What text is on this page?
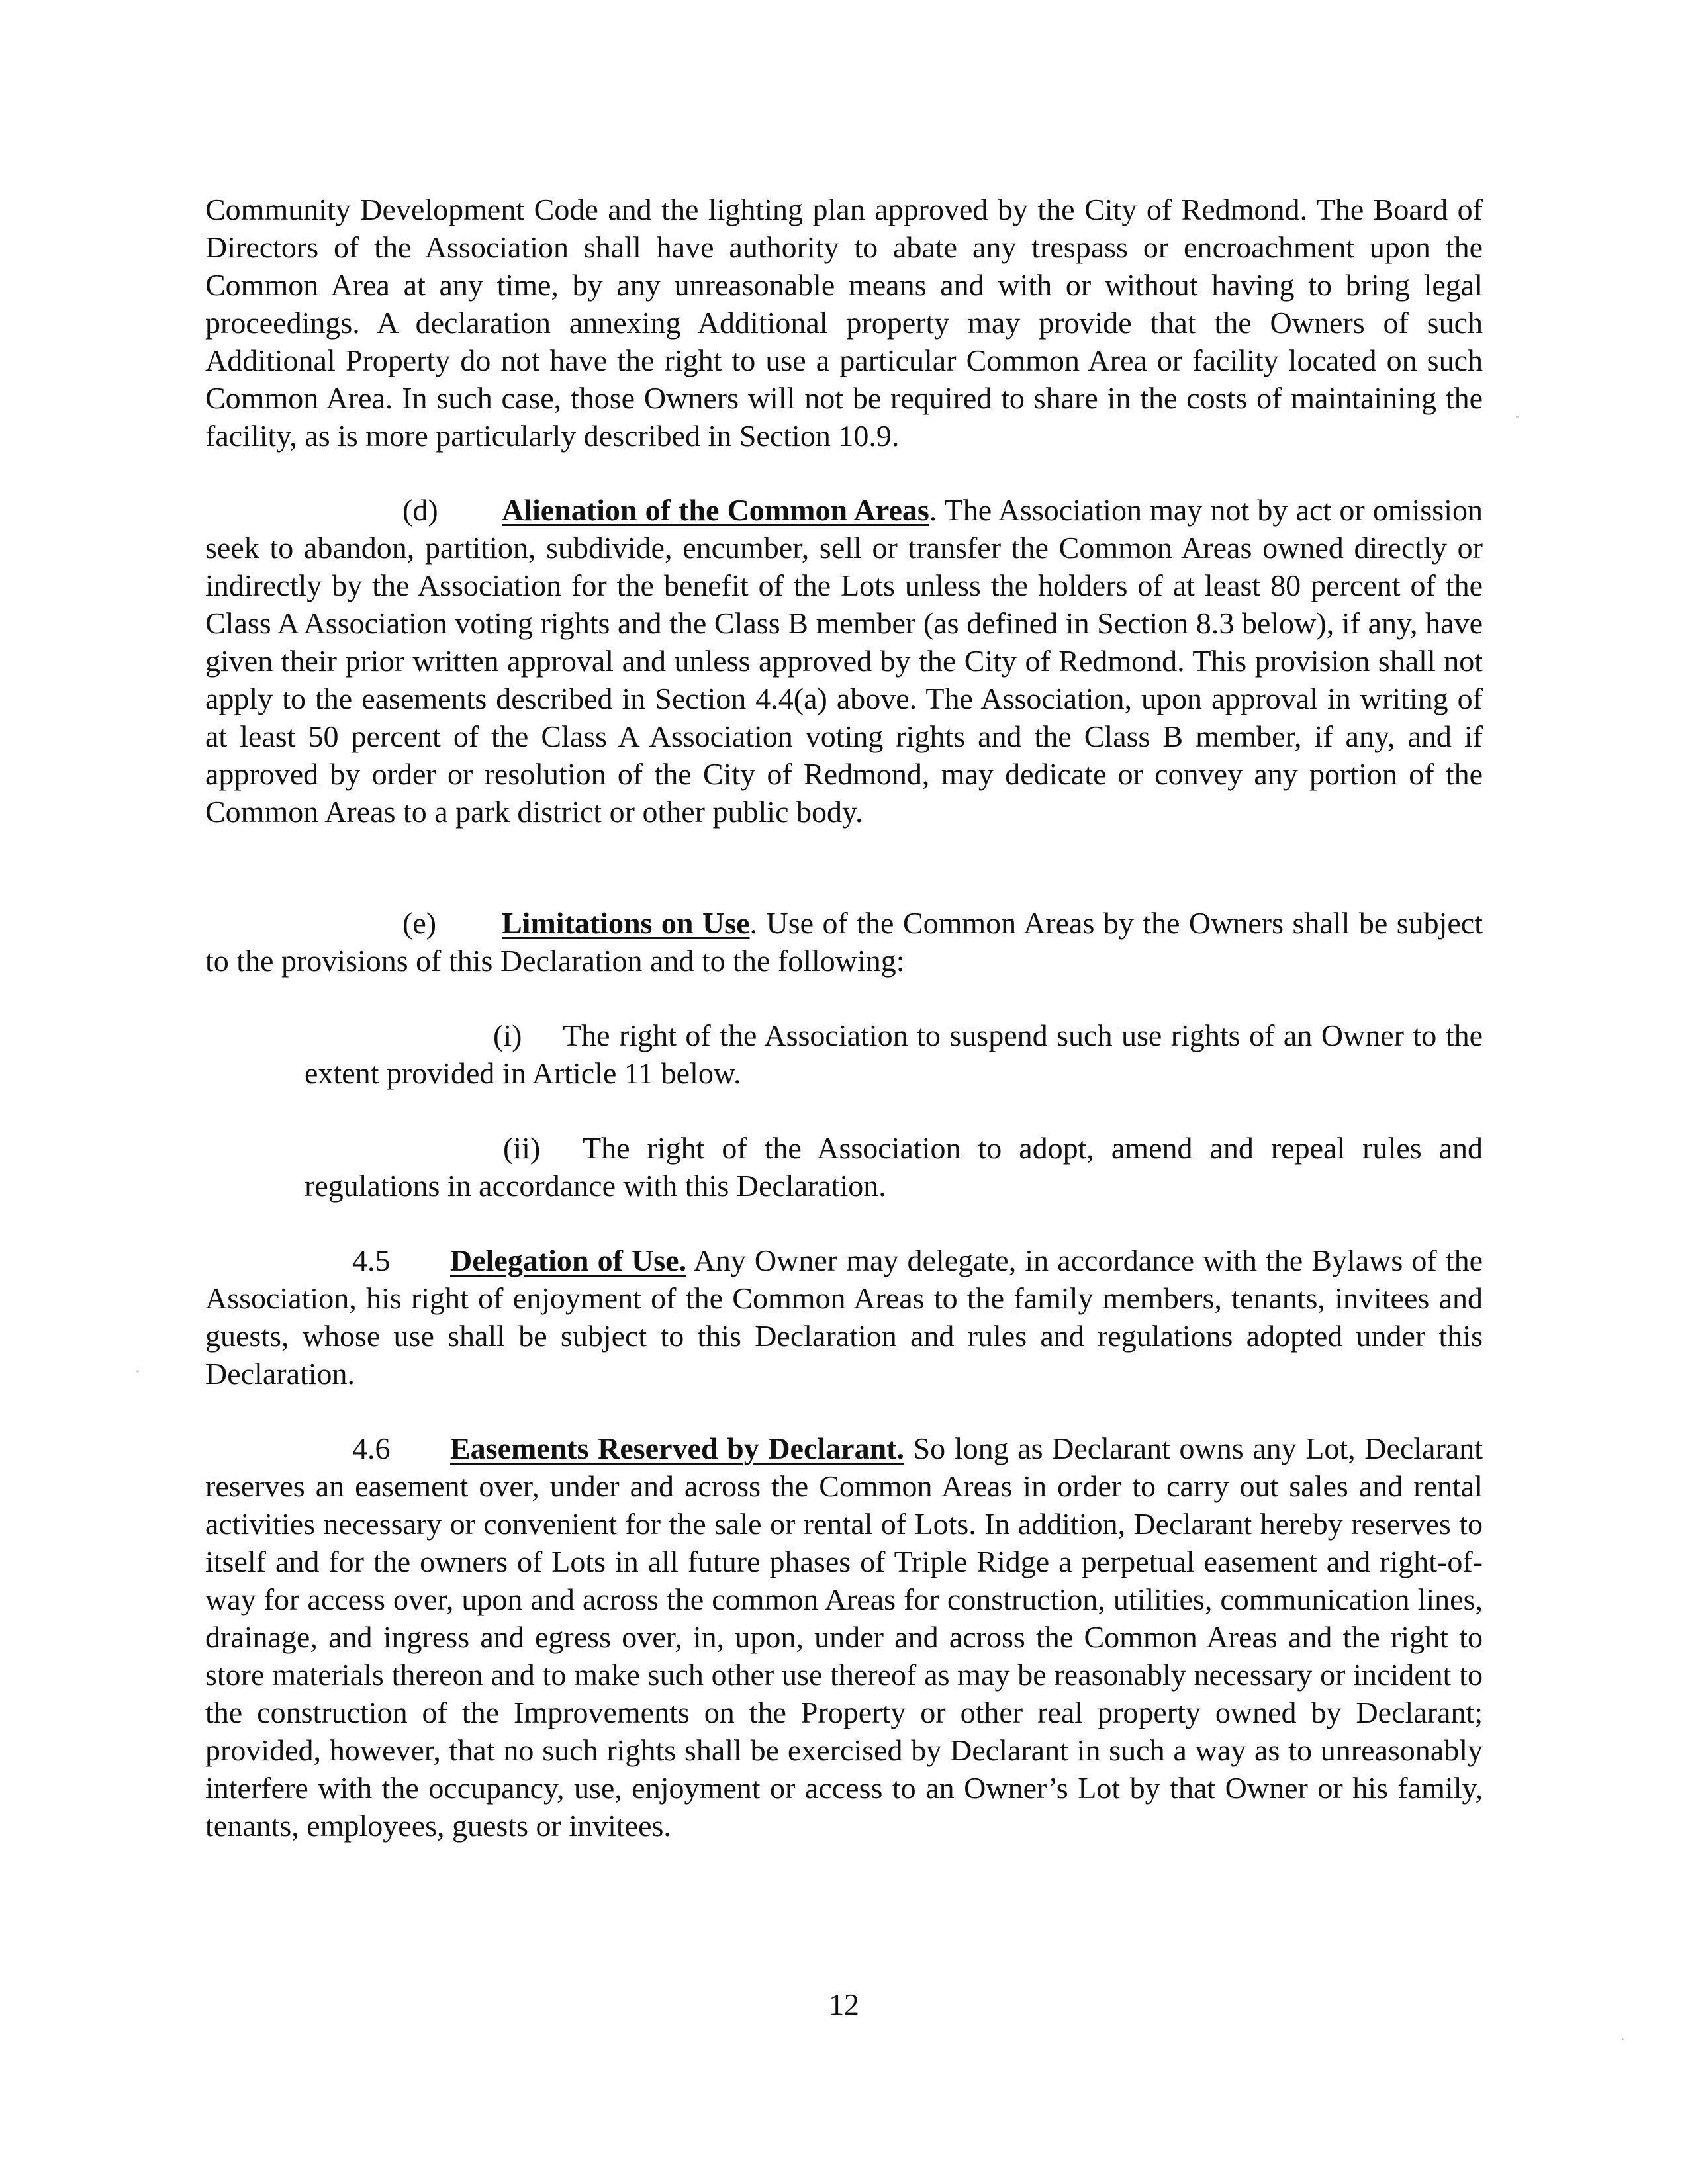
Community Development Code and the lighting plan approved by the City of Redmond. The Board of Directors of the Association shall have authority to abate any trespass or encroachment upon the Common Area at any time, by any unreasonable means and with or without having to bring legal proceedings. A declaration annexing Additional property may provide that the Owners of such Additional Property do not have the right to use a particular Common Area or facility located on such Common Area. In such case, those Owners will not be required to share in the costs of maintaining the facility, as is more particularly described in Section 10.9.

(d) Alienation of the Common Areas. The Association may not by act or omission seek to abandon, partition, subdivide, encumber, sell or transfer the Common Areas owned directly or indirectly by the Association for the benefit of the Lots unless the holders of at least 80 percent of the Class A Association voting rights and the Class B member (as defined in Section 8.3 below), if any, have given their prior written approval and unless approved by the City of Redmond. This provision shall not apply to the easements described in Section 4.4(a) above. The Association, upon approval in writing of at least 50 percent of the Class A Association voting rights and the Class B member, if any, and if approved by order or resolution of the City of Redmond, may dedicate or convey any portion of the Common Areas to a park district or other public body.

(e) Limitations on Use. Use of the Common Areas by the Owners shall be subject to the provisions of this Declaration and to the following:

(i) The right of the Association to suspend such use rights of an Owner to the extent provided in Article 11 below.

(ii) The right of the Association to adopt, amend and repeal rules and regulations in accordance with this Declaration.

4.5 Delegation of Use. Any Owner may delegate, in accordance with the Bylaws of the Association, his right of enjoyment of the Common Areas to the family members, tenants, invitees and guests, whose use shall be subject to this Declaration and rules and regulations adopted under this Declaration.

4.6 Easements Reserved by Declarant. So long as Declarant owns any Lot, Declarant reserves an easement over, under and across the Common Areas in order to carry out sales and rental activities necessary or convenient for the sale or rental of Lots. In addition, Declarant hereby reserves to itself and for the owners of Lots in all future phases of Triple Ridge a perpetual easement and right-of-way for access over, upon and across the common Areas for construction, utilities, communication lines, drainage, and ingress and egress over, in, upon, under and across the Common Areas and the right to store materials thereon and to make such other use thereof as may be reasonably necessary or incident to the construction of the Improvements on the Property or other real property owned by Declarant; provided, however, that no such rights shall be exercised by Declarant in such a way as to unreasonably interfere with the occupancy, use, enjoyment or access to an Owner’s Lot by that Owner or his family, tenants, employees, guests or invitees.

12
